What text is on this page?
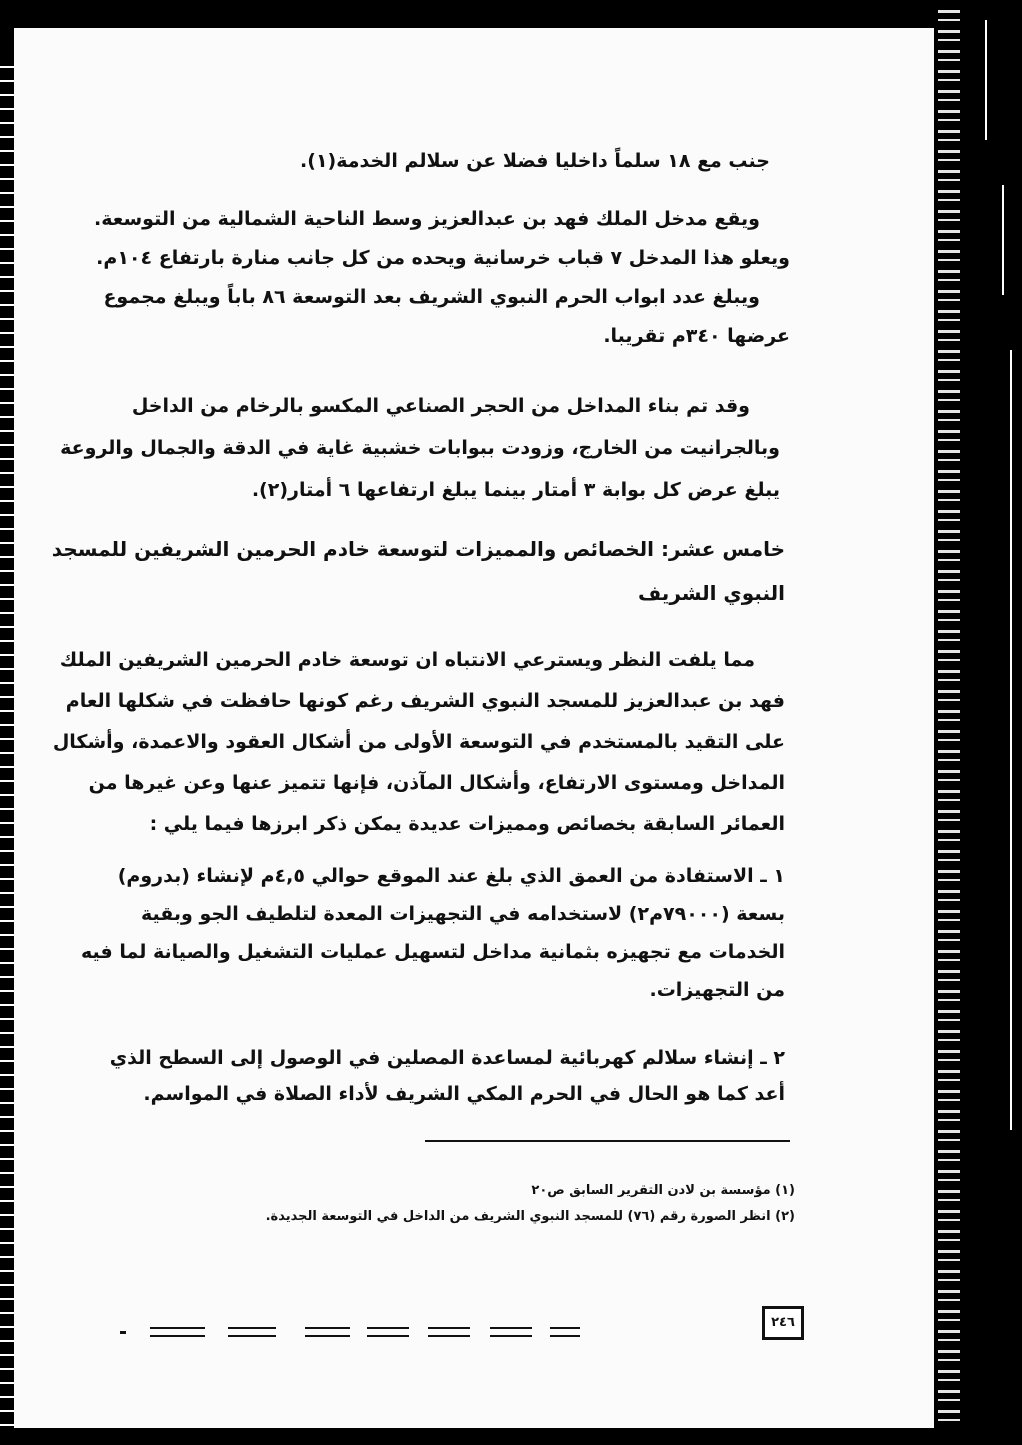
جنب مع ١٨ سلماً داخليا فضلا عن سلالم الخدمة(١).
ويقع مدخل الملك فهد بن عبدالعزيز وسط الناحية الشمالية من التوسعة.
ويعلو هذا المدخل ٧ قباب خرسانية ويحده من كل جانب منارة بارتفاع ١٠٤م.
ويبلغ عدد ابواب الحرم النبوي الشريف بعد التوسعة ٨٦ باباً ويبلغ مجموع
عرضها ٣٤٠م تقريبا.
وقد تم بناء المداخل من الحجر الصناعي المكسو بالرخام من الداخل
وبالجرانيت من الخارج، وزودت ببوابات خشبية غاية في الدقة والجمال والروعة
يبلغ عرض كل بوابة ٣ أمتار بينما يبلغ ارتفاعها ٦ أمتار(٢).
خامس عشر: الخصائص والمميزات لتوسعة خادم الحرمين الشريفين للمسجد
النبوي الشريف
مما يلفت النظر ويسترعي الانتباه ان توسعة خادم الحرمين الشريفين الملك
فهد بن عبدالعزيز للمسجد النبوي الشريف رغم كونها حافظت في شكلها العام
على التقيد بالمستخدم في التوسعة الأولى من أشكال العقود والاعمدة، وأشكال
المداخل ومستوى الارتفاع، وأشكال المآذن، فإنها تتميز عنها وعن غيرها من
العمائر السابقة بخصائص ومميزات عديدة يمكن ذكر ابرزها فيما يلي :
١ ـ الاستفادة من العمق الذي بلغ عند الموقع حوالي ٤,٥م لإنشاء (بدروم)
بسعة (٧٩٠٠٠م٢) لاستخدامه في التجهيزات المعدة لتلطيف الجو وبقية
الخدمات مع تجهيزه بثمانية مداخل لتسهيل عمليات التشغيل والصيانة لما فيه
من التجهيزات.
٢ ـ إنشاء سلالم كهربائية لمساعدة المصلين في الوصول إلى السطح الذي
أعد كما هو الحال في الحرم المكي الشريف لأداء الصلاة في المواسم.
(١) مؤسسة بن لادن التقرير السابق ص٢٠
(٢) انظر الصورة رقم (٧٦) للمسجد النبوي الشريف من الداخل في التوسعة الجديدة.
٢٤٦
